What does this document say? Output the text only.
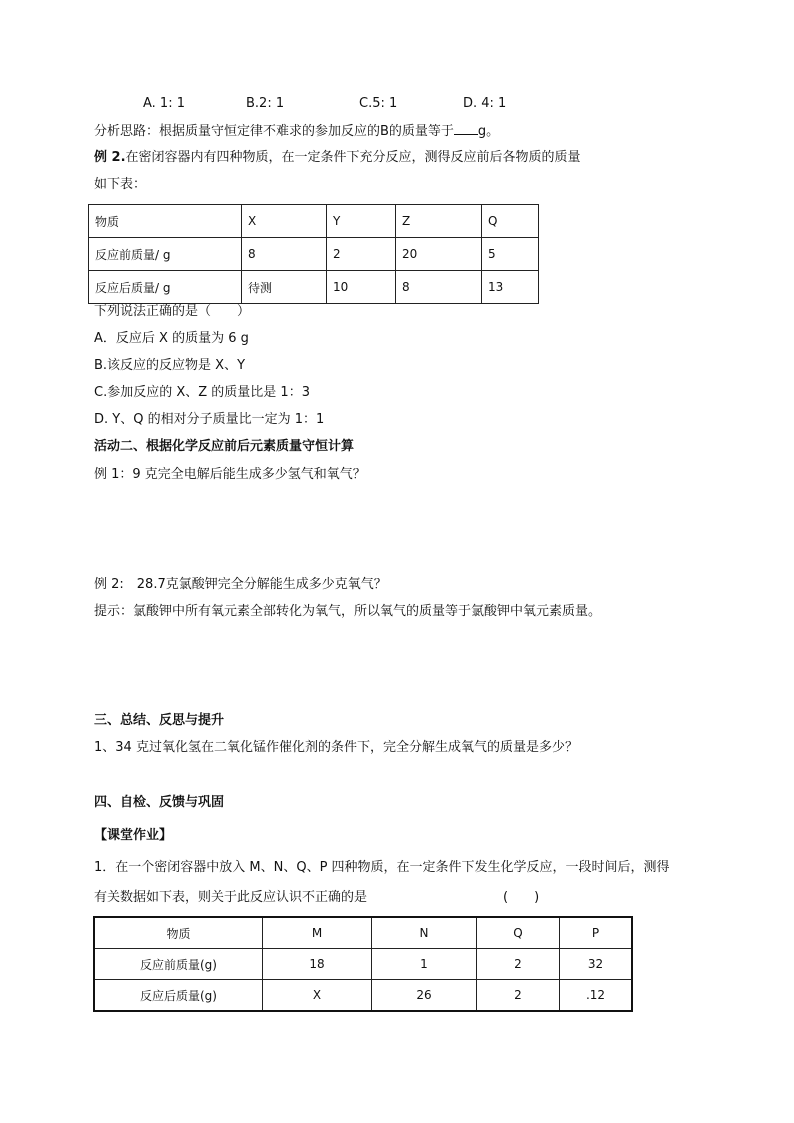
A. 1: 1	B.2: 1	C.5: 1	D. 4: 1
分析思路：根据质量守恒定律不难求的参加反应的B的质量等于 g。
例 2.在密闭容器内有四种物质，在一定条件下充分反应，测得反应前后各物质的质量
如下表：
物质	X	Y	Z	Q
反应前质量/ g	8	2	20	5
反应后质量/ g	待测	10	8	13
下列说法正确的是（　　）
A．反应后 X 的质量为 6 g
B.该反应的反应物是 X、Y
C.参加反应的 X、Z 的质量比是 1：3
D. Y、Q 的相对分子质量比一定为 1：1
活动二、根据化学反应前后元素质量守恒计算
例 1：9 克完全电解后能生成多少氢气和氧气？
例 2:　28.7克氯酸钾完全分解能生成多少克氧气？
提示：氯酸钾中所有氧元素全部转化为氧气，所以氧气的质量等于氯酸钾中氧元素质量。
三、总结、反思与提升
1、34 克过氧化氢在二氧化锰作催化剂的条件下，完全分解生成氧气的质量是多少？
四、自检、反馈与巩固
【课堂作业】
1．在一个密闭容器中放入 M、N、Q、P 四种物质，在一定条件下发生化学反应，一段时间后，测得
有关数据如下表，则关于此反应认识不正确的是	(　　)
物质	M	N	Q	P
反应前质量(g)	18	1	2	32
反应后质量(g)	X	26	2	.12
